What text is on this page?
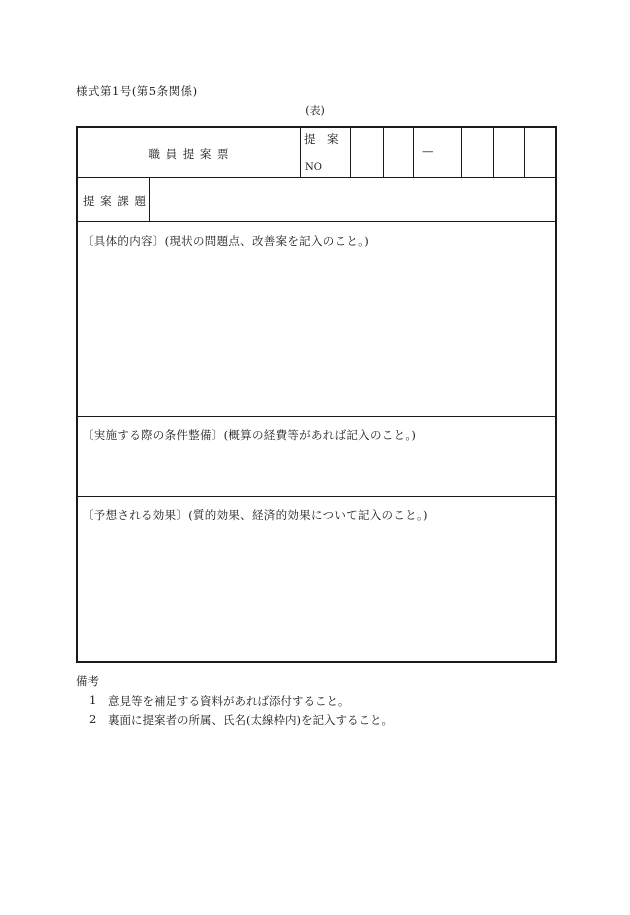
様式第1号(第5条関係)
(表)
職 員 提 案 票
提　案
NO
—
提 案 課 題
〔具体的内容〕(現状の問題点、改善案を記入のこと。)
〔実施する際の条件整備〕(概算の経費等があれば記入のこと。)
〔予想される効果〕(質的効果、経済的効果について記入のこと。)
備考
1 意見等を補足する資料があれば添付すること。
2 裏面に提案者の所属、氏名(太線枠内)を記入すること。
